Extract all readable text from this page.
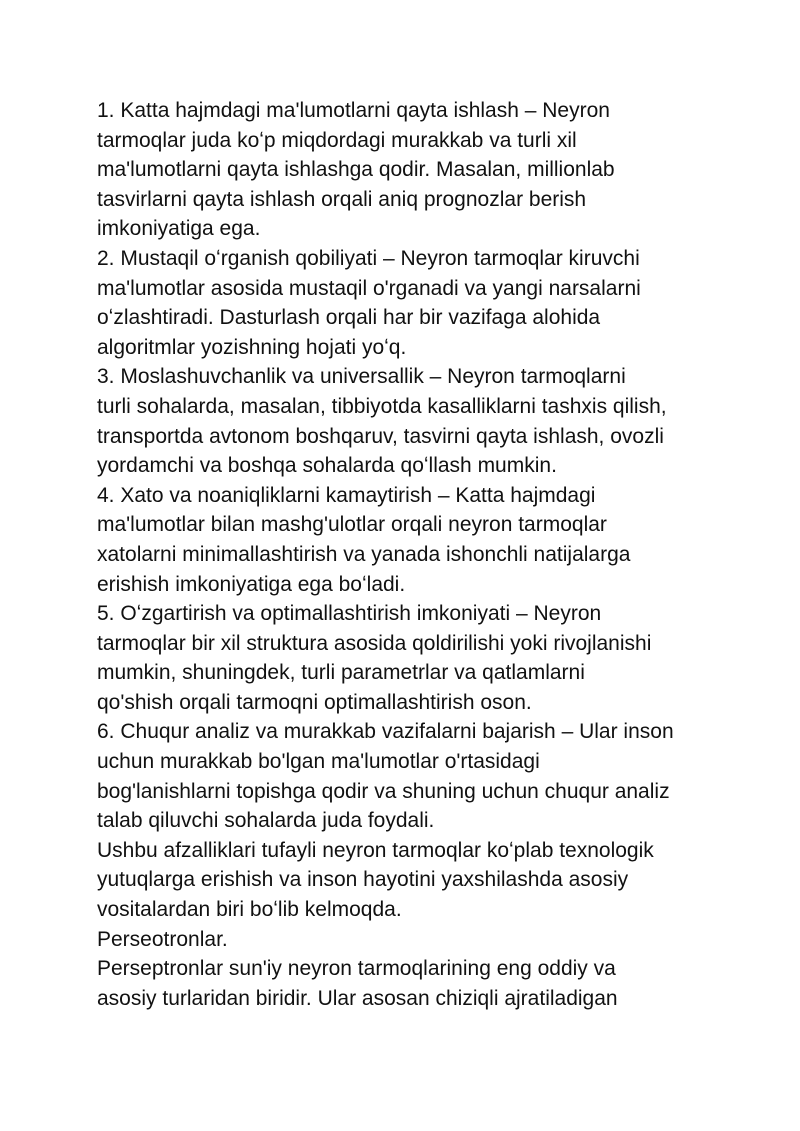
1. Katta hajmdagi ma'lumotlarni qayta ishlash – Neyron

tarmoqlar juda koʻp miqdordagi murakkab va turli xil

ma'lumotlarni qayta ishlashga qodir. Masalan, millionlab

tasvirlarni qayta ishlash orqali aniq prognozlar berish

imkoniyatiga ega.

2. Mustaqil oʻrganish qobiliyati – Neyron tarmoqlar kiruvchi

ma'lumotlar asosida mustaqil o'rganadi va yangi narsalarni

oʻzlashtiradi. Dasturlash orqali har bir vazifaga alohida

algoritmlar yozishning hojati yoʻq.

3. Moslashuvchanlik va universallik – Neyron tarmoqlarni

turli sohalarda, masalan, tibbiyotda kasalliklarni tashxis qilish,

transportda avtonom boshqaruv, tasvirni qayta ishlash, ovozli

yordamchi va boshqa sohalarda qoʻllash mumkin.

4. Xato va noaniqliklarni kamaytirish – Katta hajmdagi

ma'lumotlar bilan mashg'ulotlar orqali neyron tarmoqlar

xatolarni minimallashtirish va yanada ishonchli natijalarga

erishish imkoniyatiga ega boʻladi.

5. Oʻzgartirish va optimallashtirish imkoniyati – Neyron

tarmoqlar bir xil struktura asosida qoldirilishi yoki rivojlanishi

mumkin, shuningdek, turli parametrlar va qatlamlarni

qo'shish orqali tarmoqni optimallashtirish oson.

6. Chuqur analiz va murakkab vazifalarni bajarish – Ular inson

uchun murakkab bo'lgan ma'lumotlar o'rtasidagi

bog'lanishlarni topishga qodir va shuning uchun chuqur analiz

talab qiluvchi sohalarda juda foydali.

Ushbu afzalliklari tufayli neyron tarmoqlar koʻplab texnologik

yutuqlarga erishish va inson hayotini yaxshilashda asosiy

vositalardan biri boʻlib kelmoqda.

Perseotronlar.

Perseptronlar sun'iy neyron tarmoqlarining eng oddiy va

asosiy turlaridan biridir. Ular asosan chiziqli ajratiladigan
